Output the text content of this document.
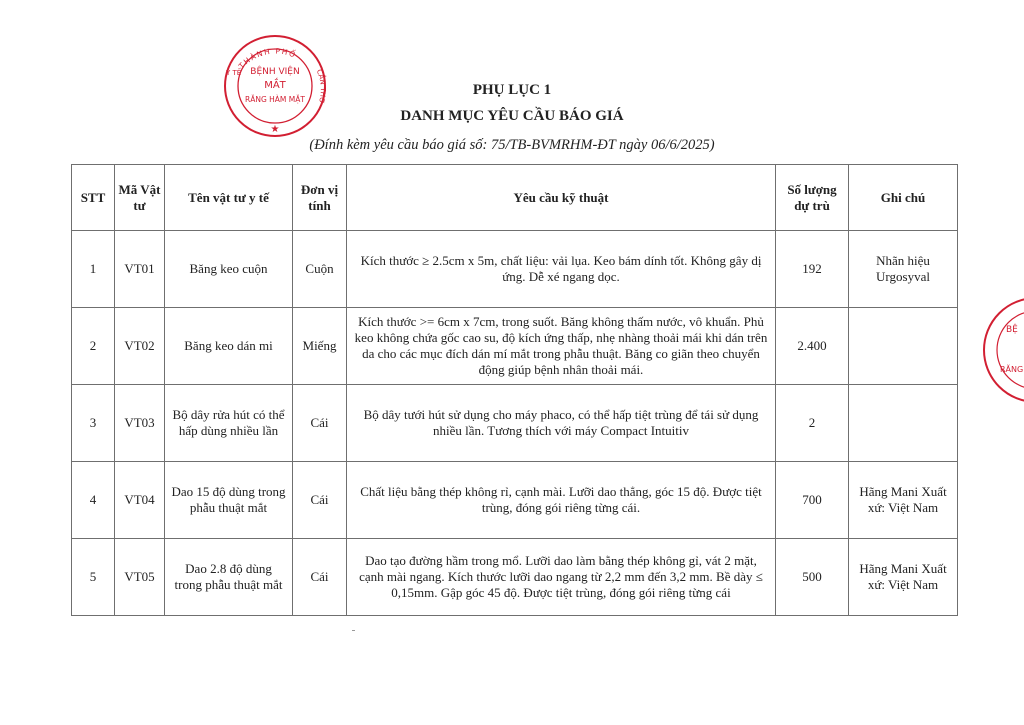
THÀNH PHỐ
CẦN THƠ
Y TẾ BỆNH VIỆN
MẮT
RĂNG HÀM MẶT
★
BỆ
RĂNG
PHỤ LỤC 1
DANH MỤC YÊU CẦU BÁO GIÁ
(Đính kèm yêu cầu báo giá số: 75/TB-BVMRHM-ĐT ngày 06/6/2025)
STT	Mã Vật tư	Tên vật tư y tế	Đơn vị tính	Yêu cầu kỹ thuật	Số lượng dự trù	Ghi chú
1	VT01	Băng keo cuộn	Cuộn	Kích thước ≥ 2.5cm x 5m, chất liệu: vải lụa. Keo bám dính tốt. Không gây dị ứng. Dễ xé ngang dọc.	192	Nhãn hiệu Urgosyval
2	VT02	Băng keo dán mi	Miếng	Kích thước >= 6cm x 7cm, trong suốt. Băng không thấm nước, vô khuẩn. Phủ keo không chứa gốc cao su, độ kích ứng thấp, nhẹ nhàng thoải mái khi dán trên da cho các mục đích dán mí mắt trong phẫu thuật. Băng co giãn theo chuyển động giúp bệnh nhân thoải mái.	2.400	
3	VT03	Bộ dây rửa hút có thể hấp dùng nhiều lần	Cái	Bộ dây tưới hút sử dụng cho máy phaco, có thể hấp tiệt trùng để tái sử dụng nhiều lần. Tương thích với máy Compact Intuitiv	2	
4	VT04	Dao 15 độ dùng trong phẫu thuật mắt	Cái	Chất liệu bằng thép không rỉ, cạnh mài. Lưỡi dao thẳng, góc 15 độ. Được tiệt trùng, đóng gói riêng từng cái.	700	Hãng Mani Xuất xứ: Việt Nam
5	VT05	Dao 2.8 độ dùng trong phẫu thuật mắt	Cái	Dao tạo đường hầm trong mổ. Lưỡi dao làm bằng thép không gỉ, vát 2 mặt, cạnh mài ngang. Kích thước lưỡi dao ngang từ 2,2 mm đến 3,2 mm. Bề dày ≤ 0,15mm. Gập góc 45 độ. Được tiệt trùng, đóng gói riêng từng cái	500	Hãng Mani Xuất xứ: Việt Nam
